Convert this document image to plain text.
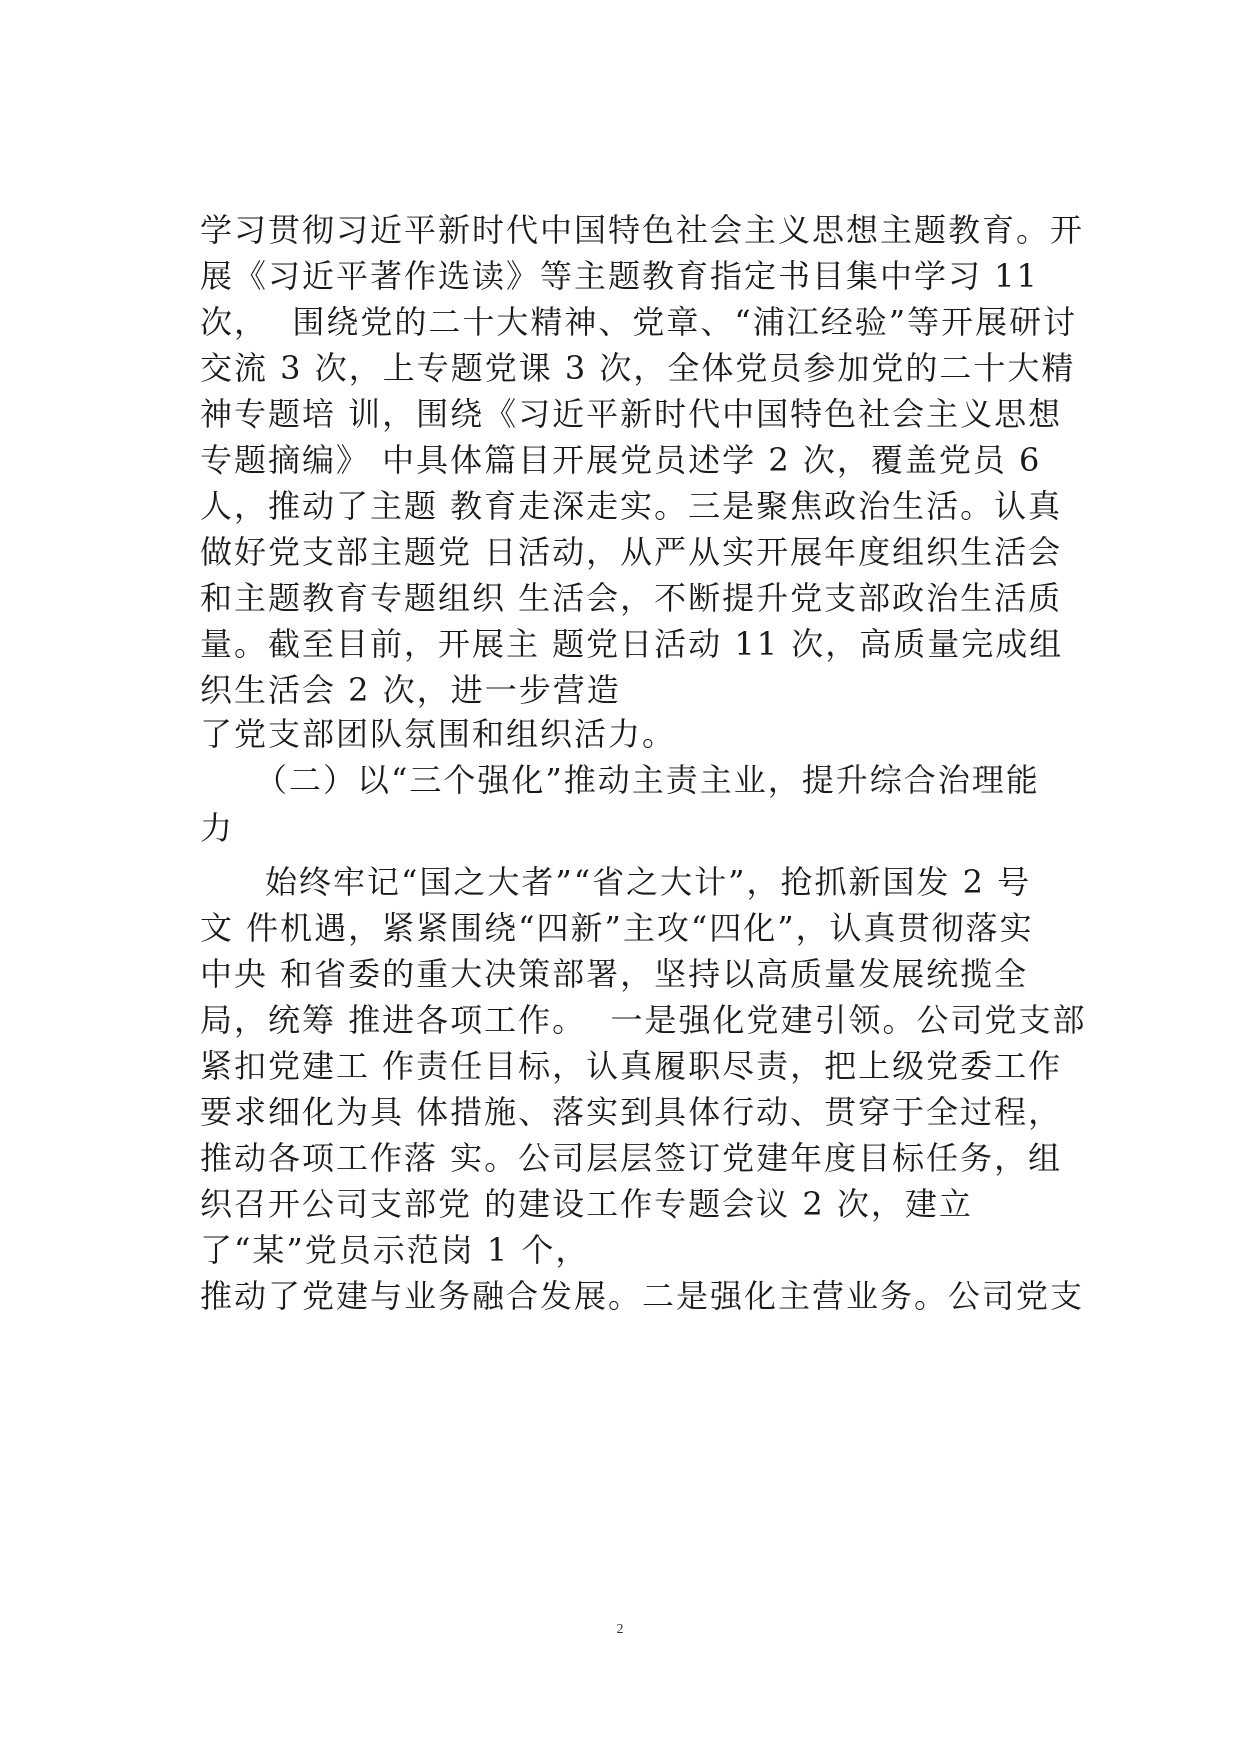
学习贯彻习近平新时代中国特色社会主义思想主题教育。开
展《习近平著作选读》等主题教育指定书目集中学习 11
次，  围绕党的二十大精神、党章、“浦江经验”等开展研讨
交流 3 次，上专题党课 3 次，全体党员参加党的二十大精
神专题培 训，围绕《习近平新时代中国特色社会主义思想
专题摘编》 中具体篇目开展党员述学 2 次，覆盖党员 6
人，推动了主题 教育走深走实。三是聚焦政治生活。认真
做好党支部主题党 日活动，从严从实开展年度组织生活会
和主题教育专题组织 生活会，不断提升党支部政治生活质
量。截至目前，开展主 题党日活动 11 次，高质量完成组
织生活会 2 次，进一步营造
了党支部团队氛围和组织活力。
（二）以“三个强化”推动主责主业，提升综合治理能
力
始终牢记“国之大者”“省之大计”，抢抓新国发 2 号
文 件机遇，紧紧围绕“四新”主攻“四化”，认真贯彻落实
中央 和省委的重大决策部署，坚持以高质量发展统揽全
局，统筹 推进各项工作。  一是强化党建引领。公司党支部
紧扣党建工 作责任目标，认真履职尽责，把上级党委工作
要求细化为具 体措施、落实到具体行动、贯穿于全过程，
推动各项工作落 实。公司层层签订党建年度目标任务，组
织召开公司支部党 的建设工作专题会议 2 次，建立
了“某”党员示范岗 1 个，
推动了党建与业务融合发展。二是强化主营业务。公司党支
2
